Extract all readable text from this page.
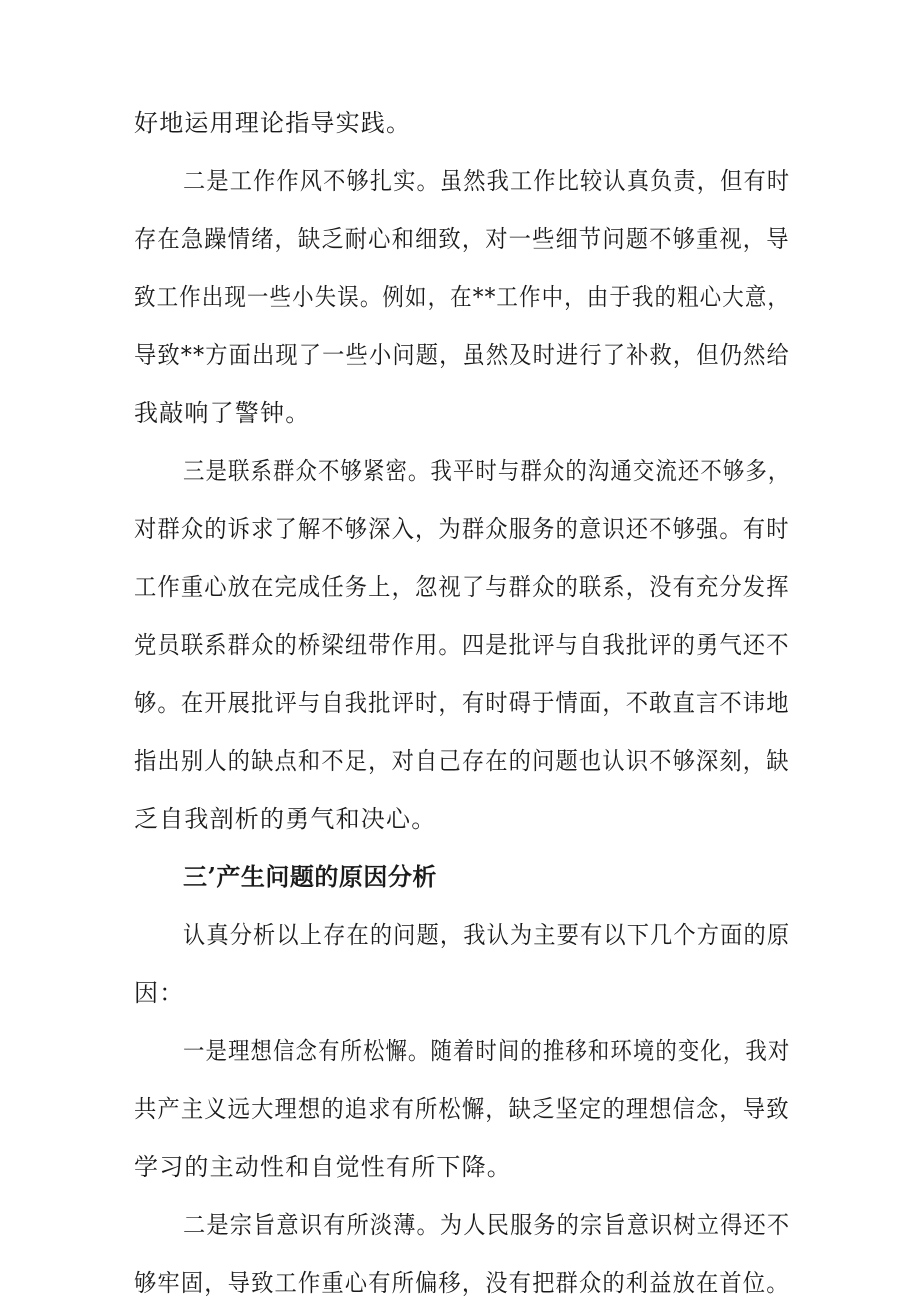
好地运用理论指导实践。
二是工作作风不够扎实。虽然我工作比较认真负责，但有时
存在急躁情绪，缺乏耐心和细致，对一些细节问题不够重视，导
致工作出现一些小失误。例如，在**工作中，由于我的粗心大意，
导致**方面出现了一些小问题，虽然及时进行了补救，但仍然给
我敲响了警钟。
三是联系群众不够紧密。我平时与群众的沟通交流还不够多，
对群众的诉求了解不够深入，为群众服务的意识还不够强。有时
工作重心放在完成任务上，忽视了与群众的联系，没有充分发挥
党员联系群众的桥梁纽带作用。四是批评与自我批评的勇气还不
够。在开展批评与自我批评时，有时碍于情面，不敢直言不讳地
指出别人的缺点和不足，对自己存在的问题也认识不够深刻，缺
乏自我剖析的勇气和决心。
三’产生问题的原因分析
认真分析以上存在的问题，我认为主要有以下几个方面的原
因：
一是理想信念有所松懈。随着时间的推移和环境的变化，我对
共产主义远大理想的追求有所松懈，缺乏坚定的理想信念，导致
学习的主动性和自觉性有所下降。
二是宗旨意识有所淡薄。为人民服务的宗旨意识树立得还不
够牢固，导致工作重心有所偏移，没有把群众的利益放在首位。
